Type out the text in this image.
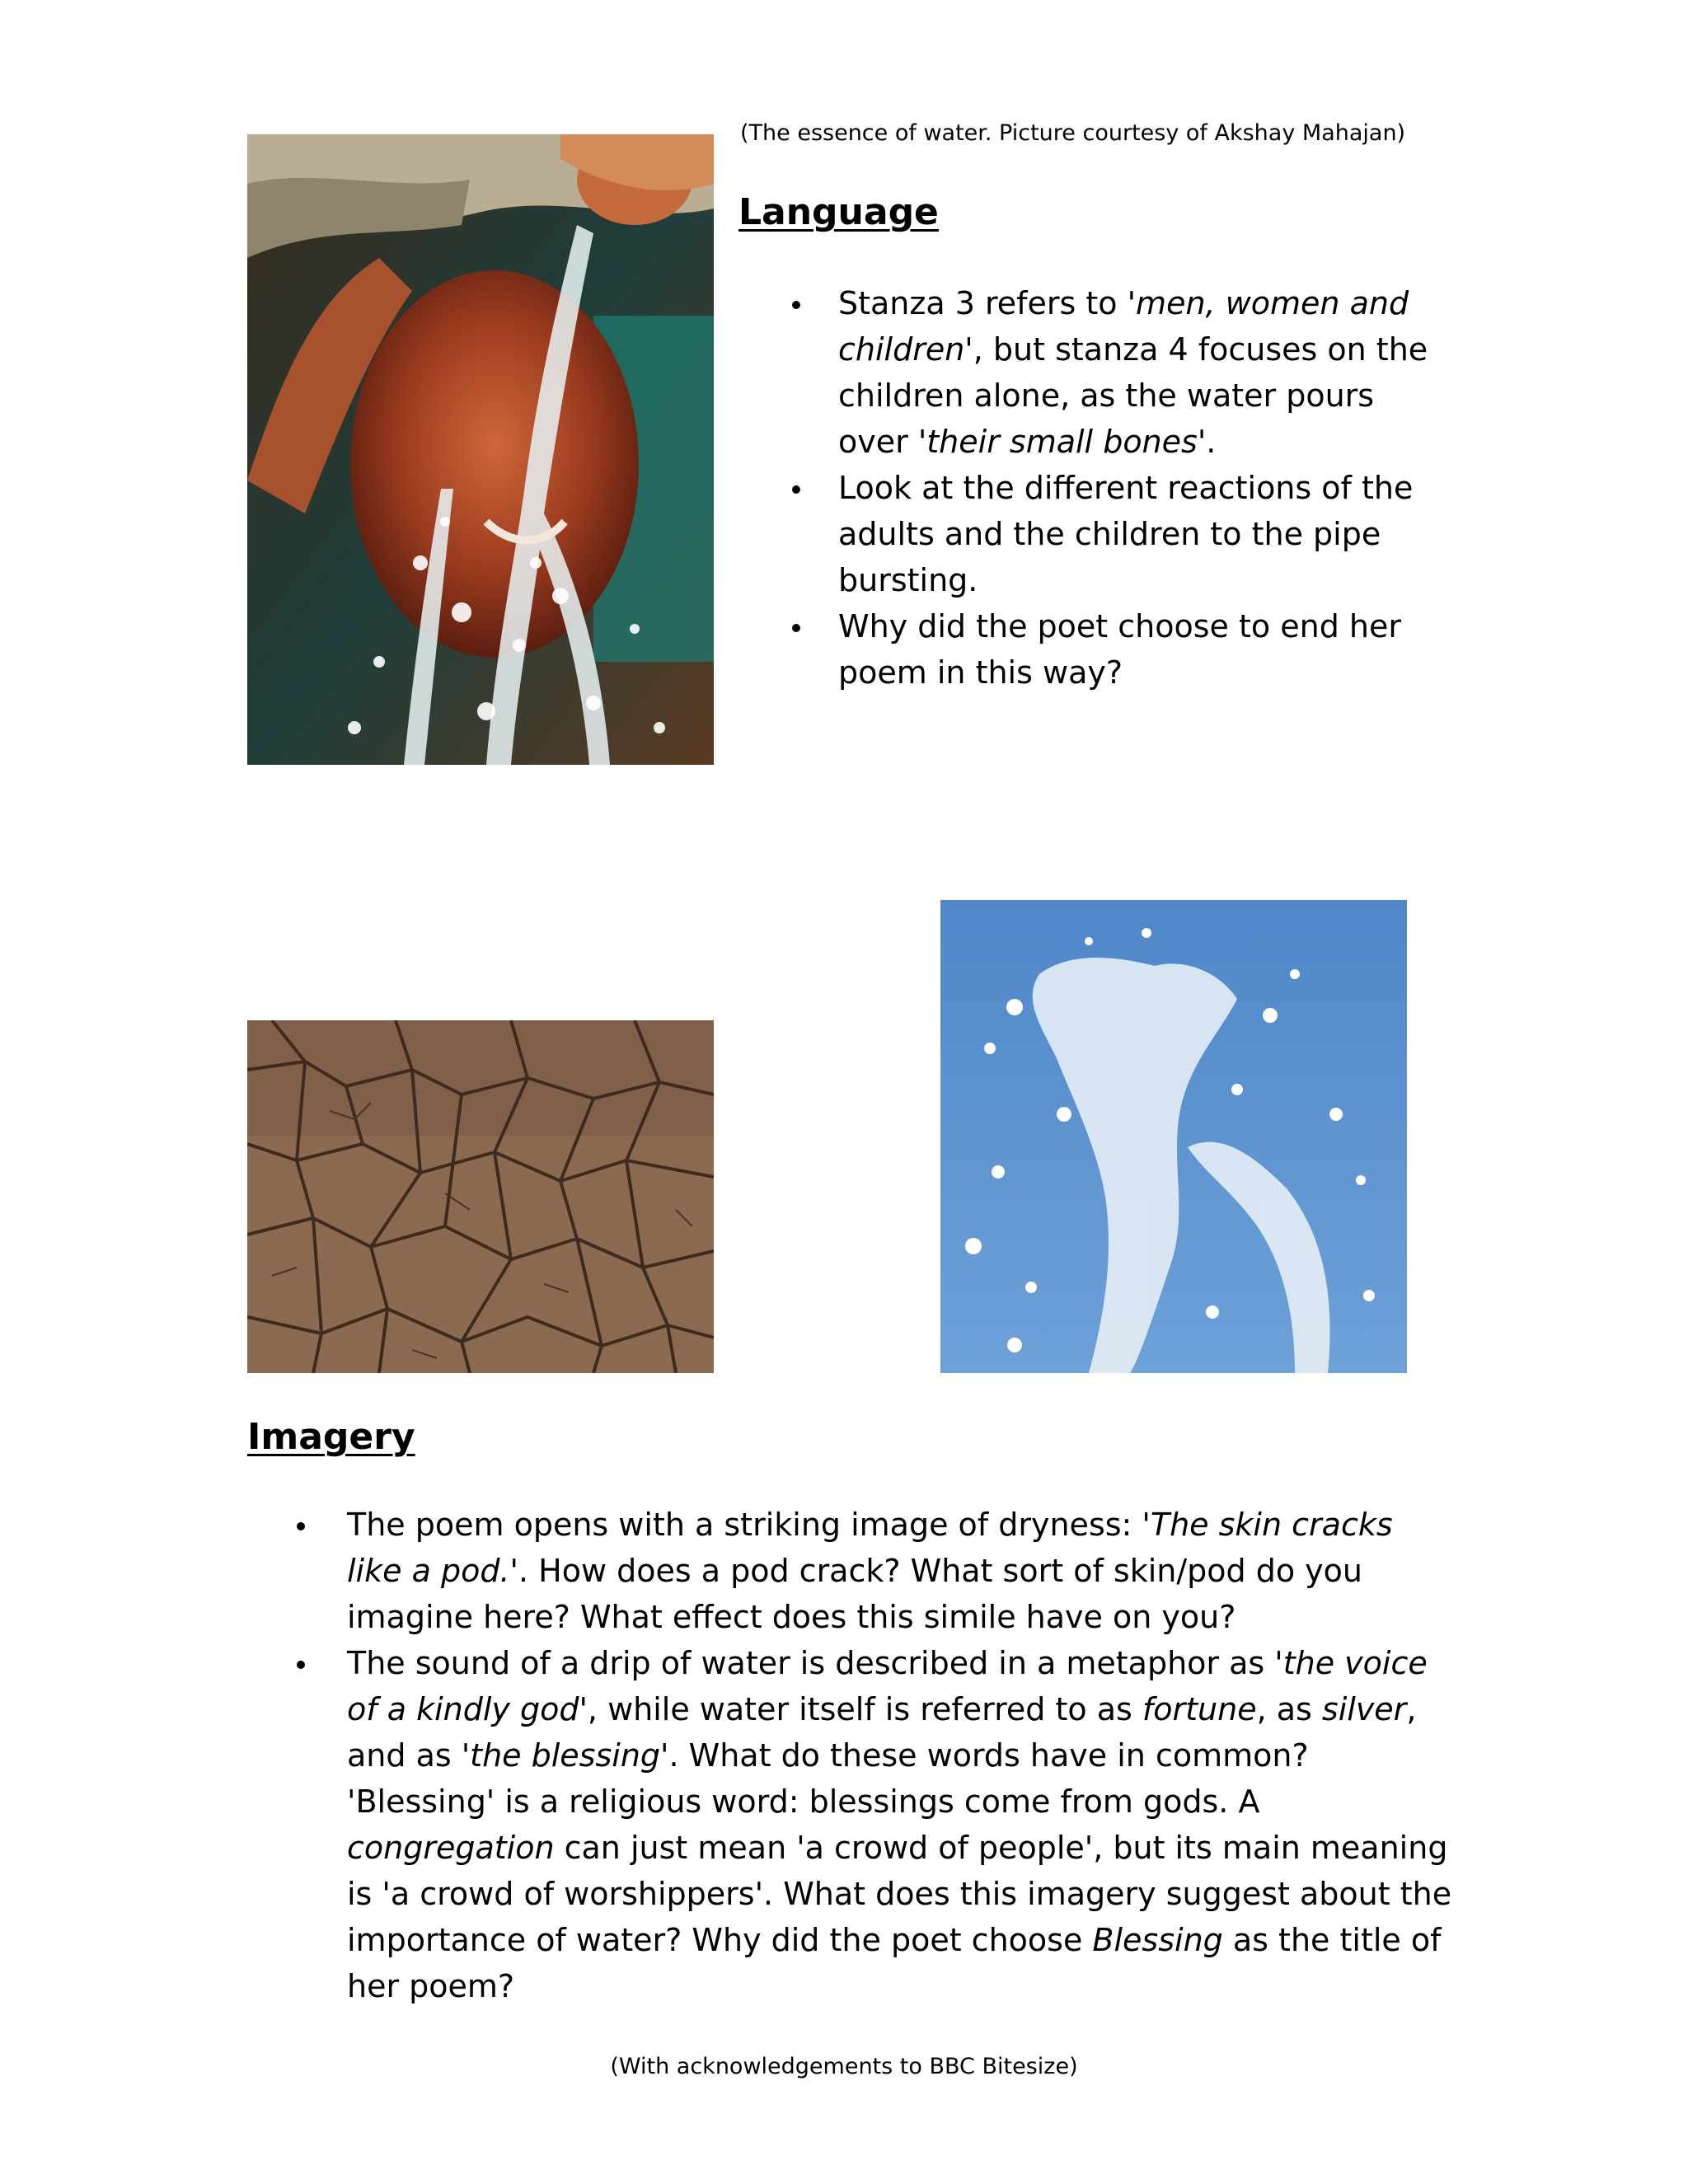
(The essence of water. Picture courtesy of Akshay Mahajan)
Language
Stanza 3 refers to 'men, women and children', but stanza 4 focuses on the children alone, as the water pours over 'their small bones'.
Look at the different reactions of the adults and the children to the pipe bursting.
Why did the poet choose to end her poem in this way?
Imagery
The poem opens with a striking image of dryness: 'The skin cracks like a pod.'. How does a pod crack? What sort of skin/pod do you imagine here? What effect does this simile have on you?
The sound of a drip of water is described in a metaphor as 'the voice of a kindly god', while water itself is referred to as fortune, as silver, and as 'the blessing'. What do these words have in common? 'Blessing' is a religious word: blessings come from gods. A congregation can just mean 'a crowd of people', but its main meaning is 'a crowd of worshippers'. What does this imagery suggest about the importance of water? Why did the poet choose Blessing as the title of her poem?
(With acknowledgements to BBC Bitesize)
